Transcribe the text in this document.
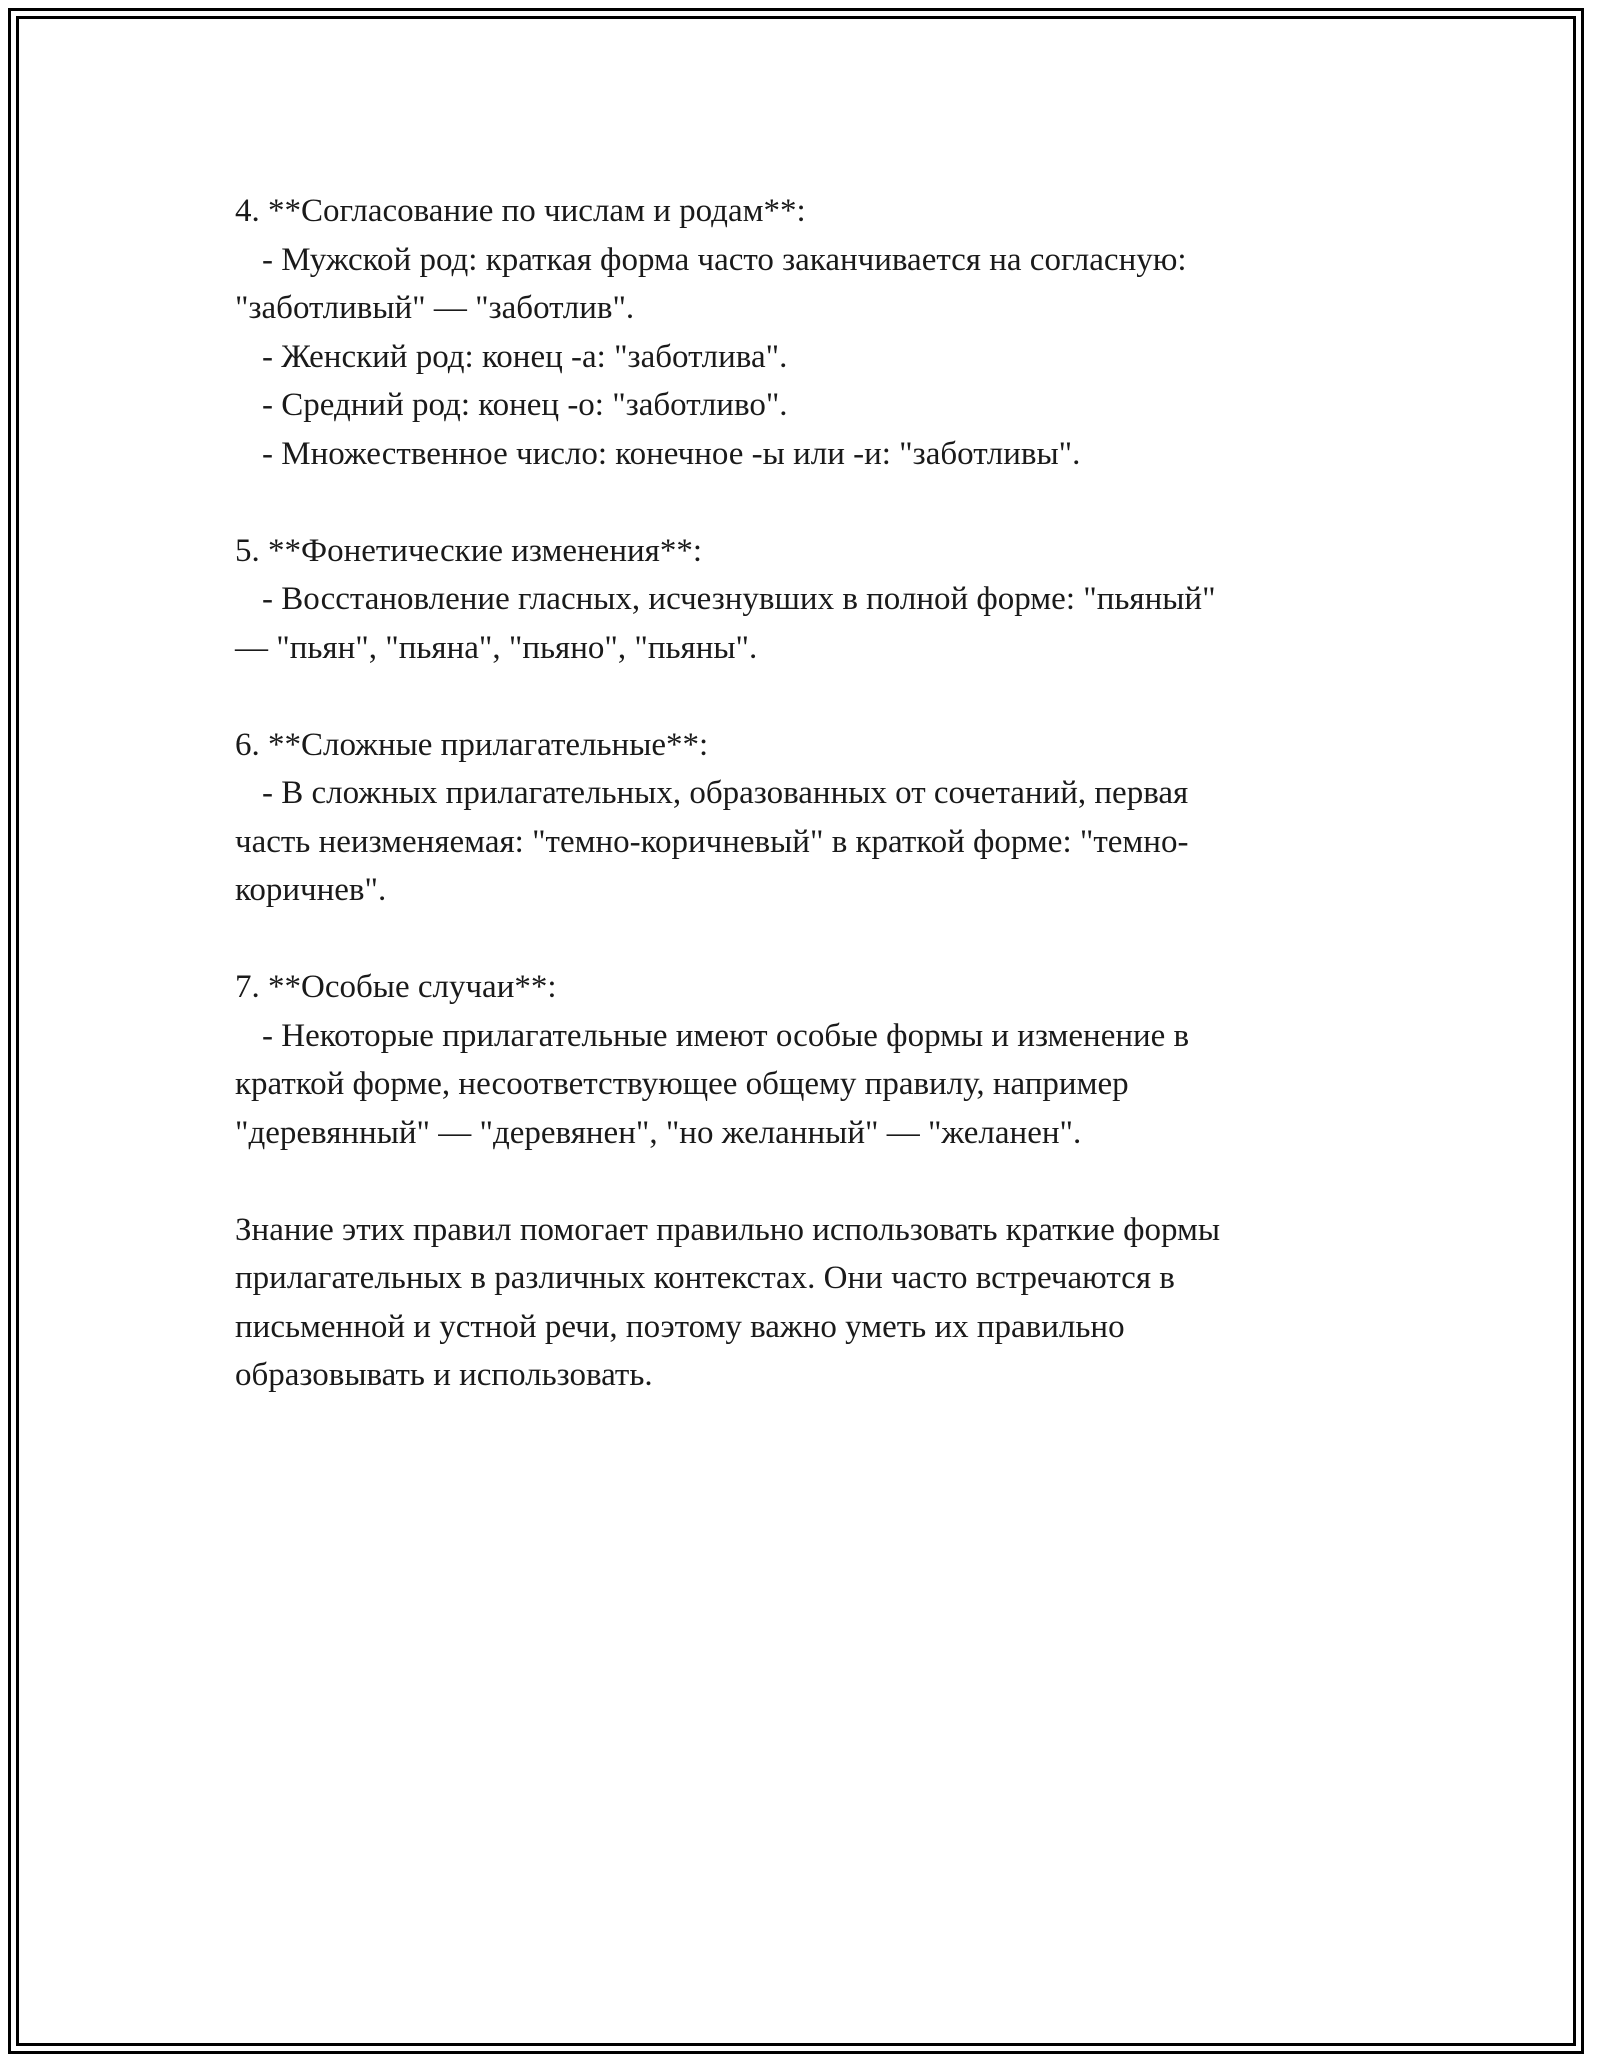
4. **Согласование по числам и родам**:
- Мужской род: краткая форма часто заканчивается на согласную:
"заботливый" — "заботлив".
- Женский род: конец -а: "заботлива".
- Средний род: конец -о: "заботливо".
- Множественное число: конечное -ы или -и: "заботливы".
5. **Фонетические изменения**:
- Восстановление гласных, исчезнувших в полной форме: "пьяный"
— "пьян", "пьяна", "пьяно", "пьяны".
6. **Сложные прилагательные**:
- В сложных прилагательных, образованных от сочетаний, первая
часть неизменяемая: "темно-коричневый" в краткой форме: "темно-
коричнев".
7. **Особые случаи**:
- Некоторые прилагательные имеют особые формы и изменение в
краткой форме, несоответствующее общему правилу, например
"деревянный" — "деревянен", "но желанный" — "желанен".
Знание этих правил помогает правильно использовать краткие формы
прилагательных в различных контекстах. Они часто встречаются в
письменной и устной речи, поэтому важно уметь их правильно
образовывать и использовать.
